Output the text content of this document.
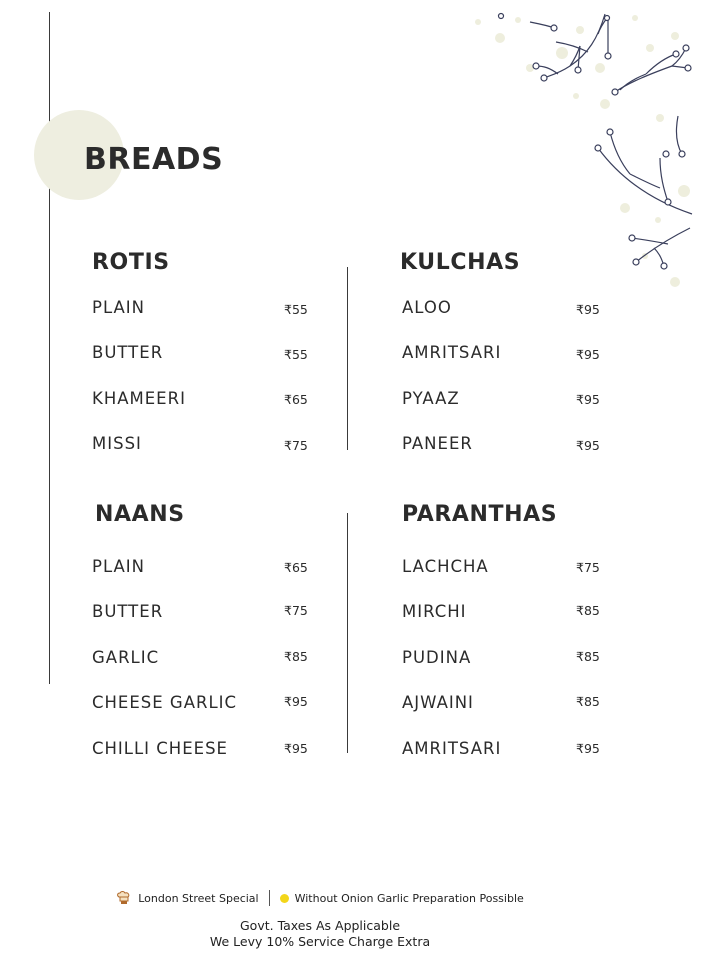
BREADS
ROTIS
PLAIN	₹55
BUTTER	₹55
KHAMEERI	₹65
MISSI	₹75
KULCHAS
ALOO	₹95
AMRITSARI	₹95
PYAAZ	₹95
PANEER	₹95
NAANS
PLAIN	₹65
BUTTER	₹75
GARLIC	₹85
CHEESE GARLIC	₹95
CHILLI CHEESE	₹95
PARANTHAS
LACHCHA	₹75
MIRCHI	₹85
PUDINA	₹85
AJWAINI	₹85
AMRITSARI	₹95
London Street Special	Without Onion Garlic Preparation Possible
Govt. Taxes As Applicable
We Levy 10% Service Charge Extra
